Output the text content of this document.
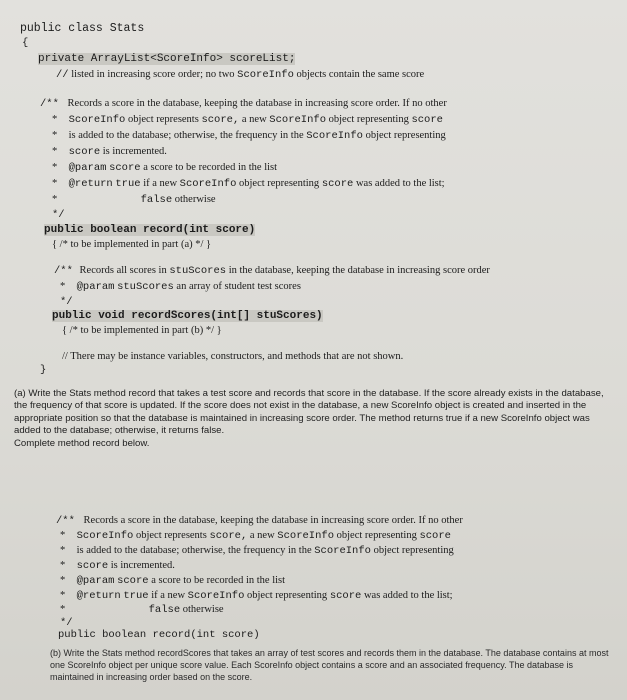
public class Stats
{
private ArrayList<ScoreInfo> scoreList;
// listed in increasing score order; no two ScoreInfo objects contain the same score
/** Records a score in the database, keeping the database in increasing score order. If no other
* ScoreInfo object represents score, a new ScoreInfo object representing score
* is added to the database; otherwise, the frequency in the ScoreInfo object representing
* score is incremented.
* @param score a score to be recorded in the list
* @return true if a new ScoreInfo object representing score was added to the list;
*	false otherwise
*/
public boolean record(int score)
{ /* to be implemented in part (a) */ }
/** Records all scores in stuScores in the database, keeping the database in increasing score order
* @param stuScores an array of student test scores
*/
public void recordScores(int[] stuScores)
{ /* to be implemented in part (b) */ }
// There may be instance variables, constructors, and methods that are not shown.
}

(a) Write the Stats method record that takes a test score and records that score in the database. If the score already exists in the database, the frequency of that score is updated. If the score does not exist in the database, a new ScoreInfo object is created and inserted in the appropriate position so that the database is maintained in increasing score order. The method returns true if a new ScoreInfo object was added to the database; otherwise, it returns false.

Complete method record below.

/** Records a score in the database, keeping the database in increasing score order. If no other
* ScoreInfo object represents score, a new ScoreInfo object representing score
* is added to the database; otherwise, the frequency in the ScoreInfo object representing
* score is incremented.
* @param score a score to be recorded in the list
* @return true if a new ScoreInfo object representing score was added to the list;
*	false otherwise
*/
public boolean record(int score)

(b) Write the Stats method recordScores that takes an array of test scores and records them in the database. The database contains at most one ScoreInfo object per unique score value. Each ScoreInfo object contains a score and an associated frequency. The database is maintained in increasing order based on the score.
